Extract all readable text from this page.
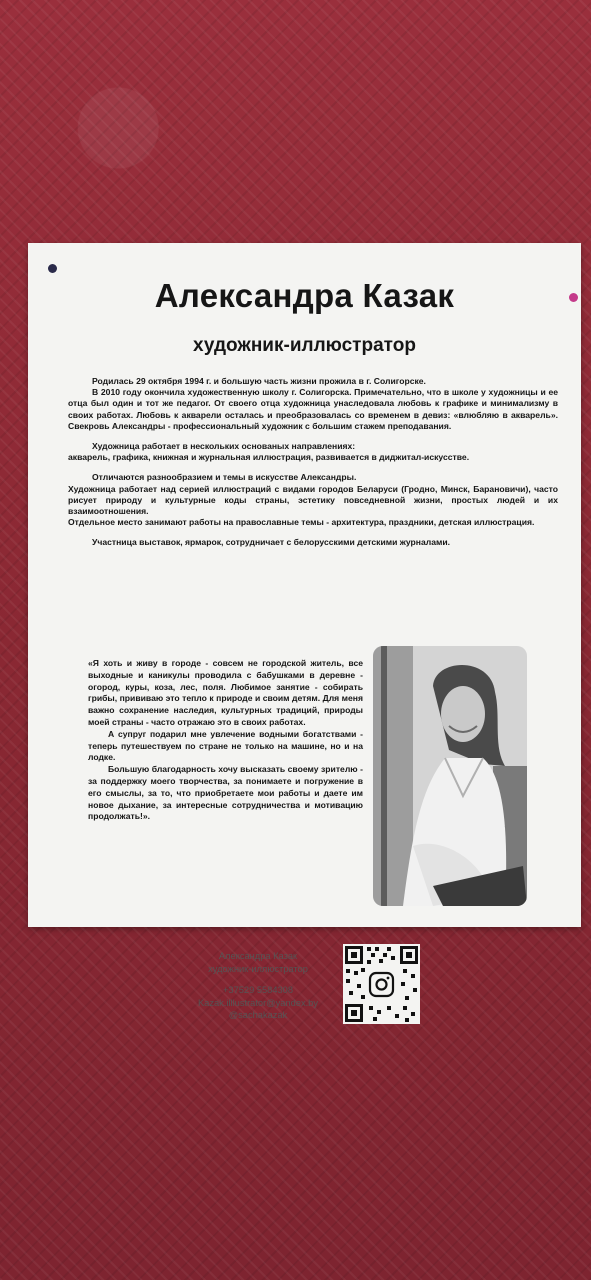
Александра Казак
художник-иллюстратор

Родилась 29 октября 1994 г. и большую часть жизни прожила в г. Солигорске.

В 2010 году окончила художественную школу г. Солигорска. Примечательно, что в школе у художницы и ее отца был один и тот же педагог. От своего отца художница унаследовала любовь к графике и минимализму в своих работах. Любовь к акварели осталась и преобразовалась со временем в девиз: «влюбляю в акварель». Свекровь Александры - профессиональный художник с большим стажем преподавания.

Художница работает в нескольких основаных направлениях:

акварель, графика, книжная и журнальная иллюстрация, развивается в диджитал-искусстве.

Отличаются разнообразием и темы в искусстве Александры.

Художница работает над серией иллюстраций с видами городов Беларуси (Гродно, Минск, Барановичи), часто рисует природу и культурные коды страны, эстетику повседневной жизни, простых людей и их взаимоотношения.

Отдельное место занимают работы на православные темы - архитектура, праздники, детская иллюстрация.

Участница выставок, ярмарок, сотрудничает с белорусскими детскими журналами.

«Я хоть и живу в городе - совсем не городской житель, все выходные и каникулы проводила с бабушками в деревне - огород, куры, коза, лес, поля. Любимое занятие - собирать грибы, прививаю это тепло к природе и своим детям. Для меня важно сохранение наследия, культурных традиций, природы моей страны - часто отражаю это в своих работах.

А супруг подарил мне увлечение водными богатствами - теперь путешествуем по стране не только на машине, но и на лодке.

Большую благодарность хочу высказать своему зрителю - за поддержку моего творчества, за понимаете и погружение в его смыслы, за то, что приобретаете мои работы и даете им новое дыхание, за интересные сотрудничества и мотивацию продолжать!».

Александра Казак
художник-иллюстратор
+37529 5584308
Kazak.illlustrator@yandex.by
@sachakazak
